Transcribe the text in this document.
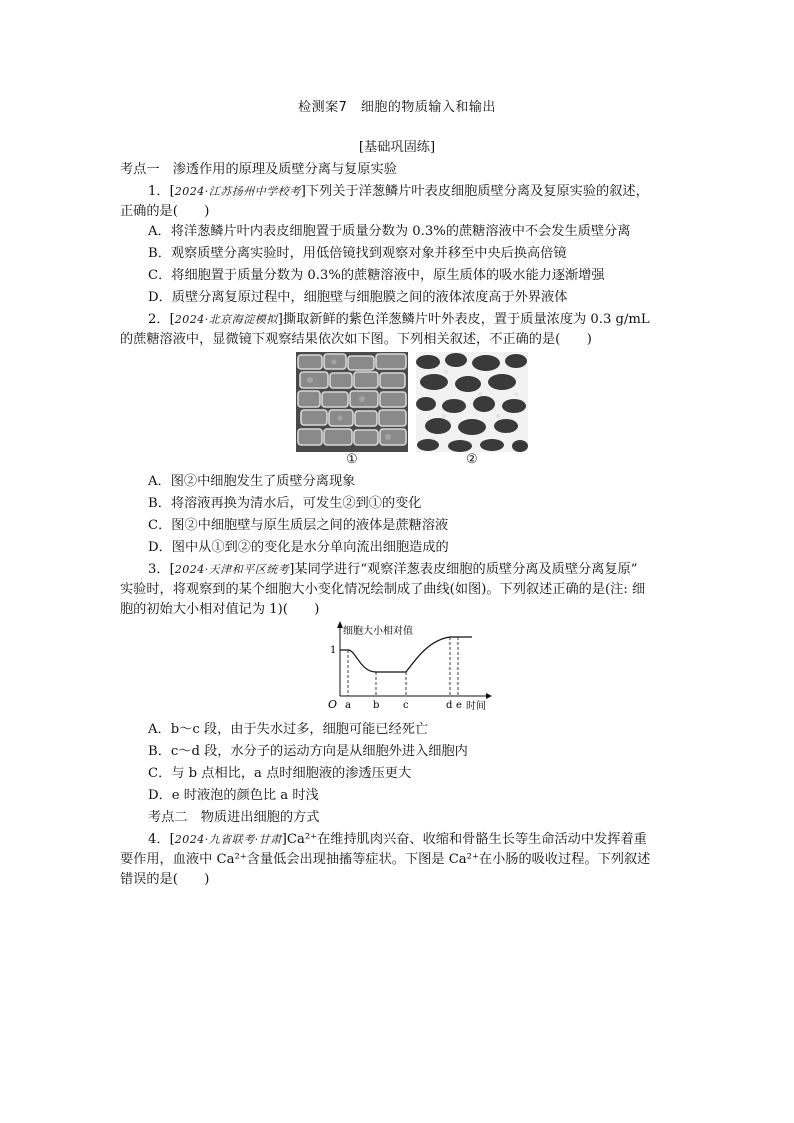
检测案7　细胞的物质输入和输出
[基础巩固练]
考点一　渗透作用的原理及质壁分离与复原实验
1．[2024·江苏扬州中学校考]下列关于洋葱鳞片叶表皮细胞质壁分离及复原实验的叙述，
正确的是(　　)
A．将洋葱鳞片叶内表皮细胞置于质量分数为 0.3%的蔗糖溶液中不会发生质壁分离
B．观察质壁分离实验时，用低倍镜找到观察对象并移至中央后换高倍镜
C．将细胞置于质量分数为 0.3%的蔗糖溶液中，原生质体的吸水能力逐渐增强
D．质壁分离复原过程中，细胞壁与细胞膜之间的液体浓度高于外界液体
2．[2024·北京海淀模拟]撕取新鲜的紫色洋葱鳞片叶外表皮，置于质量浓度为 0.3 g/mL
的蔗糖溶液中，显微镜下观察结果依次如下图。下列相关叙述，不正确的是(　　)
①	②
A．图②中细胞发生了质壁分离现象
B．将溶液再换为清水后，可发生②到①的变化
C．图②中细胞壁与原生质层之间的液体是蔗糖溶液
D．图中从①到②的变化是水分单向流出细胞造成的
3．[2024·天津和平区统考]某同学进行“观察洋葱表皮细胞的质壁分离及质壁分离复原”
实验时，将观察到的某个细胞大小变化情况绘制成了曲线(如图)。下列叙述正确的是(注: 细
胞的初始大小相对值记为 1)(　　)
细胞大小相对值
1
O a b c	d e 时间
A．b～c 段，由于失水过多，细胞可能已经死亡
B．c～d 段，水分子的运动方向是从细胞外进入细胞内
C．与 b 点相比，a 点时细胞液的渗透压更大
D．e 时液泡的颜色比 a 时浅
考点二　物质进出细胞的方式
4．[2024·九省联考·甘肃]Ca²⁺在维持肌肉兴奋、收缩和骨骼生长等生命活动中发挥着重
要作用，血液中 Ca²⁺含量低会出现抽搐等症状。下图是 Ca²⁺在小肠的吸收过程。下列叙述
错误的是(　　)
